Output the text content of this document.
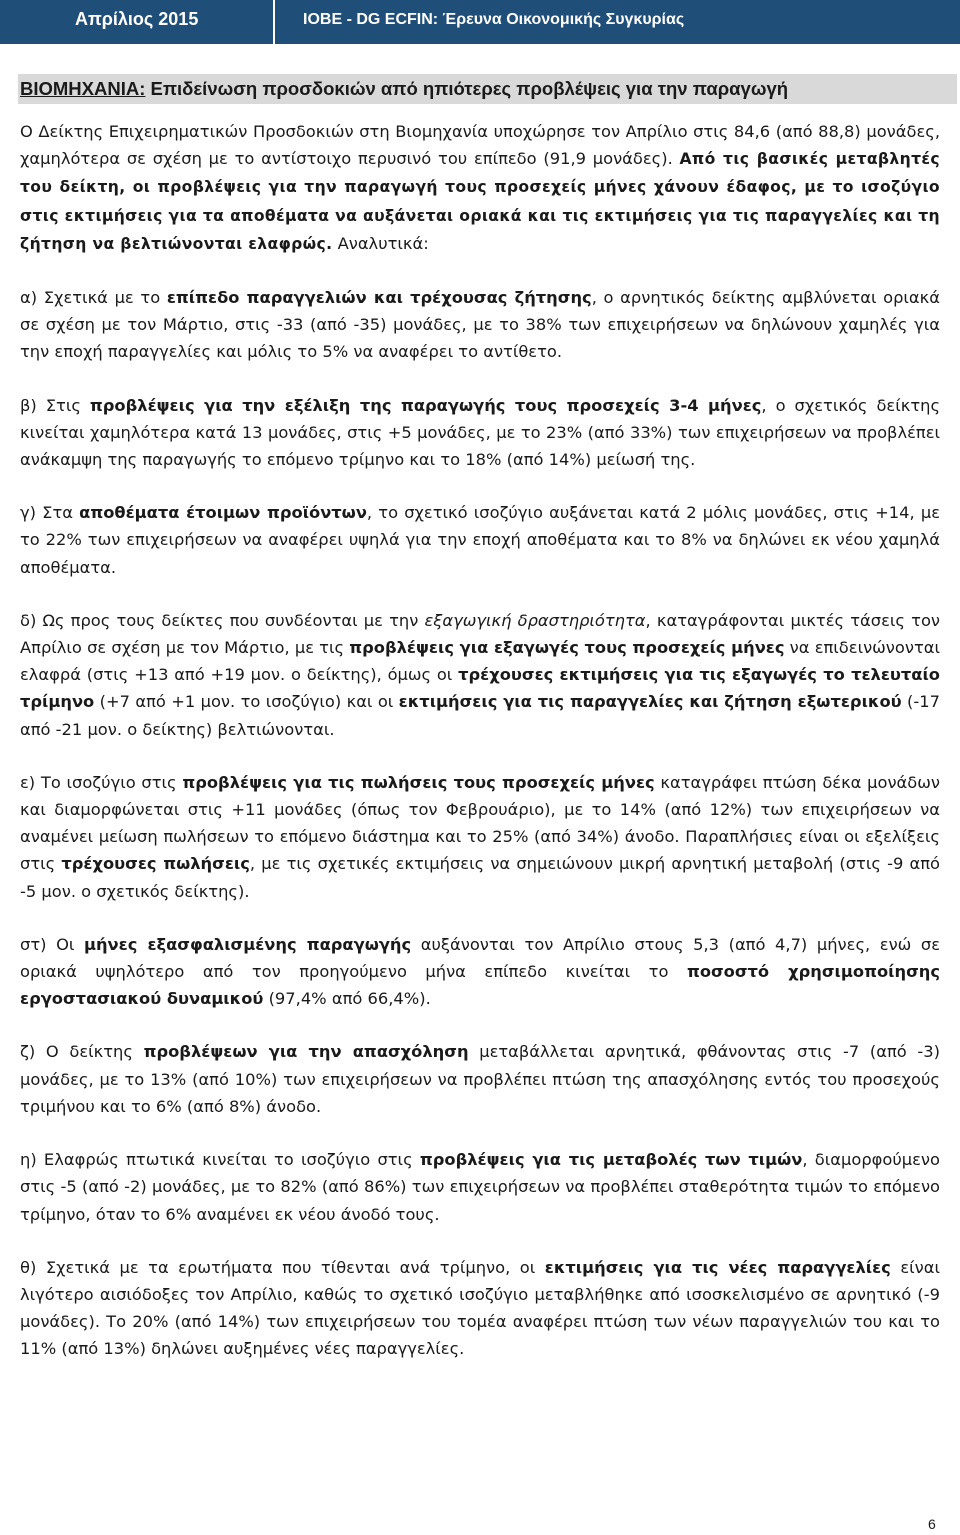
Απρίλιος 2015	ΙΟΒΕ - DG ECFIN: Έρευνα Οικονομικής Συγκυρίας
ΒΙΟΜΗΧΑΝΙΑ: Επιδείνωση προσδοκιών από ηπιότερες προβλέψεις για την παραγωγή

Ο Δείκτης Επιχειρηματικών Προσδοκιών στη Βιομηχανία υποχώρησε τον Απρίλιο στις 84,6 (από 88,8) μονάδες, χαμηλότερα σε σχέση με το αντίστοιχο περυσινό του επίπεδο (91,9 μονάδες). Από τις βασικές μεταβλητές του δείκτη, οι προβλέψεις για την παραγωγή τους προσεχείς μήνες χάνουν έδαφος, με το ισοζύγιο στις εκτιμήσεις για τα αποθέματα να αυξάνεται οριακά και τις εκτιμήσεις για τις παραγγελίες και τη ζήτηση να βελτιώνονται ελαφρώς. Αναλυτικά:

α) Σχετικά με το επίπεδο παραγγελιών και τρέχουσας ζήτησης, ο αρνητικός δείκτης αμβλύνεται οριακά σε σχέση με τον Μάρτιο, στις -33 (από -35) μονάδες, με το 38% των επιχειρήσεων να δηλώνουν χαμηλές για την εποχή παραγγελίες και μόλις το 5% να αναφέρει το αντίθετο.

β) Στις προβλέψεις για την εξέλιξη της παραγωγής τους προσεχείς 3-4 μήνες, ο σχετικός δείκτης κινείται χαμηλότερα κατά 13 μονάδες, στις +5 μονάδες, με το 23% (από 33%) των επιχειρήσεων να προβλέπει ανάκαμψη της παραγωγής το επόμενο τρίμηνο και το 18% (από 14%) μείωσή της.

γ) Στα αποθέματα έτοιμων προϊόντων, το σχετικό ισοζύγιο αυξάνεται κατά 2 μόλις μονάδες, στις +14, με το 22% των επιχειρήσεων να αναφέρει υψηλά για την εποχή αποθέματα και το 8% να δηλώνει εκ νέου χαμηλά αποθέματα.

δ) Ως προς τους δείκτες που συνδέονται με την εξαγωγική δραστηριότητα, καταγράφονται μικτές τάσεις τον Απρίλιο σε σχέση με τον Μάρτιο, με τις προβλέψεις για εξαγωγές τους προσεχείς μήνες να επιδεινώνονται ελαφρά (στις +13 από +19 μον. ο δείκτης), όμως οι τρέχουσες εκτιμήσεις για τις εξαγωγές το τελευταίο τρίμηνο (+7 από +1 μον. το ισοζύγιο) και οι εκτιμήσεις για τις παραγγελίες και ζήτηση εξωτερικού (-17 από -21 μον. ο δείκτης) βελτιώνονται.

ε) Το ισοζύγιο στις προβλέψεις για τις πωλήσεις τους προσεχείς μήνες καταγράφει πτώση δέκα μονάδων και διαμορφώνεται στις +11 μονάδες (όπως τον Φεβρουάριο), με το 14% (από 12%) των επιχειρήσεων να αναμένει μείωση πωλήσεων το επόμενο διάστημα και το 25% (από 34%) άνοδο. Παραπλήσιες είναι οι εξελίξεις στις τρέχουσες πωλήσεις, με τις σχετικές εκτιμήσεις να σημειώνουν μικρή αρνητική μεταβολή (στις -9 από -5 μον. ο σχετικός δείκτης).

στ) Οι μήνες εξασφαλισμένης παραγωγής αυξάνονται τον Απρίλιο στους 5,3 (από 4,7) μήνες, ενώ σε οριακά υψηλότερο από τον προηγούμενο μήνα επίπεδο κινείται το ποσοστό χρησιμοποίησης εργοστασιακού δυναμικού (97,4% από 66,4%).

ζ) Ο δείκτης προβλέψεων για την απασχόληση μεταβάλλεται αρνητικά, φθάνοντας στις -7 (από -3) μονάδες, με το 13% (από 10%) των επιχειρήσεων να προβλέπει πτώση της απασχόλησης εντός του προσεχούς τριμήνου και το 6% (από 8%) άνοδο.

η) Ελαφρώς πτωτικά κινείται το ισοζύγιο στις προβλέψεις για τις μεταβολές των τιμών, διαμορφούμενο στις -5 (από -2) μονάδες, με το 82% (από 86%) των επιχειρήσεων να προβλέπει σταθερότητα τιμών το επόμενο τρίμηνο, όταν το 6% αναμένει εκ νέου άνοδό τους.

θ) Σχετικά με τα ερωτήματα που τίθενται ανά τρίμηνο, οι εκτιμήσεις για τις νέες παραγγελίες είναι λιγότερο αισιόδοξες τον Απρίλιο, καθώς το σχετικό ισοζύγιο μεταβλήθηκε από ισοσκελισμένο σε αρνητικό (-9 μονάδες). Το 20% (από 14%) των επιχειρήσεων του τομέα αναφέρει πτώση των νέων παραγγελιών του και το 11% (από 13%) δηλώνει αυξημένες νέες παραγγελίες.

6
